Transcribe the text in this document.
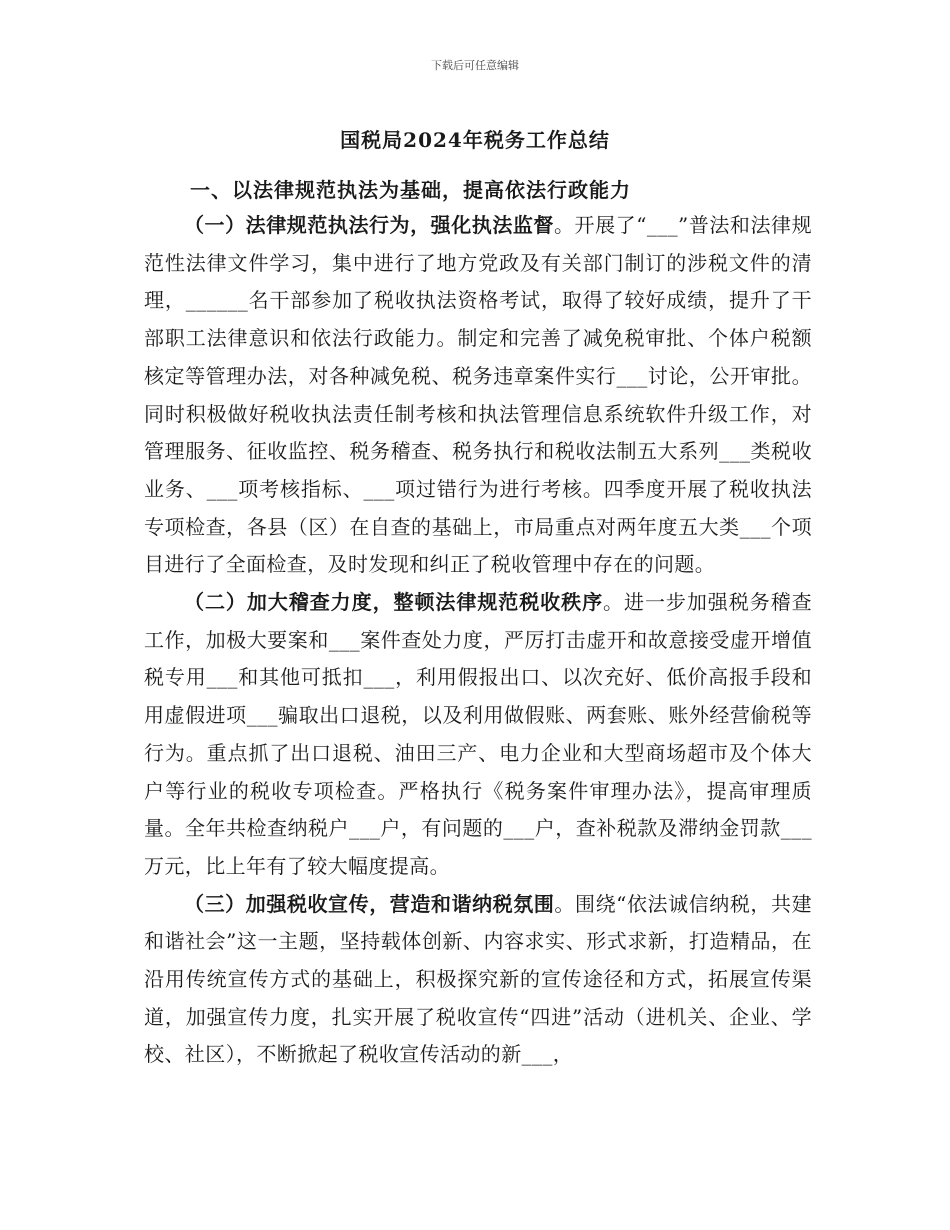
下载后可任意编辑
国税局2024年税务工作总结
一、以法律规范执法为基础，提高依法行政能力

（一）法律规范执法行为，强化执法监督。开展了“___”普法和法律规范性法律文件学习，集中进行了地方党政及有关部门制订的涉税文件的清理，______名干部参加了税收执法资格考试，取得了较好成绩，提升了干部职工法律意识和依法行政能力。制定和完善了减免税审批、个体户税额核定等管理办法，对各种减免税、税务违章案件实行___讨论，公开审批。同时积极做好税收执法责任制考核和执法管理信息系统软件升级工作，对管理服务、征收监控、税务稽查、税务执行和税收法制五大系列___类税收业务、___项考核指标、___项过错行为进行考核。四季度开展了税收执法专项检查，各县（区）在自查的基础上，市局重点对两年度五大类___个项目进行了全面检查，及时发现和纠正了税收管理中存在的问题。

（二）加大稽查力度，整顿法律规范税收秩序。进一步加强税务稽查工作，加极大要案和___案件查处力度，严厉打击虚开和故意接受虚开增值税专用___和其他可抵扣___，利用假报出口、以次充好、低价高报手段和用虚假进项___骗取出口退税，以及利用做假账、两套账、账外经营偷税等行为。重点抓了出口退税、油田三产、电力企业和大型商场超市及个体大户等行业的税收专项检查。严格执行《税务案件审理办法》，提高审理质量。全年共检查纳税户___户，有问题的___户，查补税款及滞纳金罚款___万元，比上年有了较大幅度提高。

（三）加强税收宣传，营造和谐纳税氛围。围绕“依法诚信纳税，共建和谐社会”这一主题，坚持载体创新、内容求实、形式求新，打造精品，在沿用传统宣传方式的基础上，积极探究新的宣传途径和方式，拓展宣传渠道，加强宣传力度，扎实开展了税收宣传“四进”活动（进机关、企业、学校、社区），不断掀起了税收宣传活动的新___，
